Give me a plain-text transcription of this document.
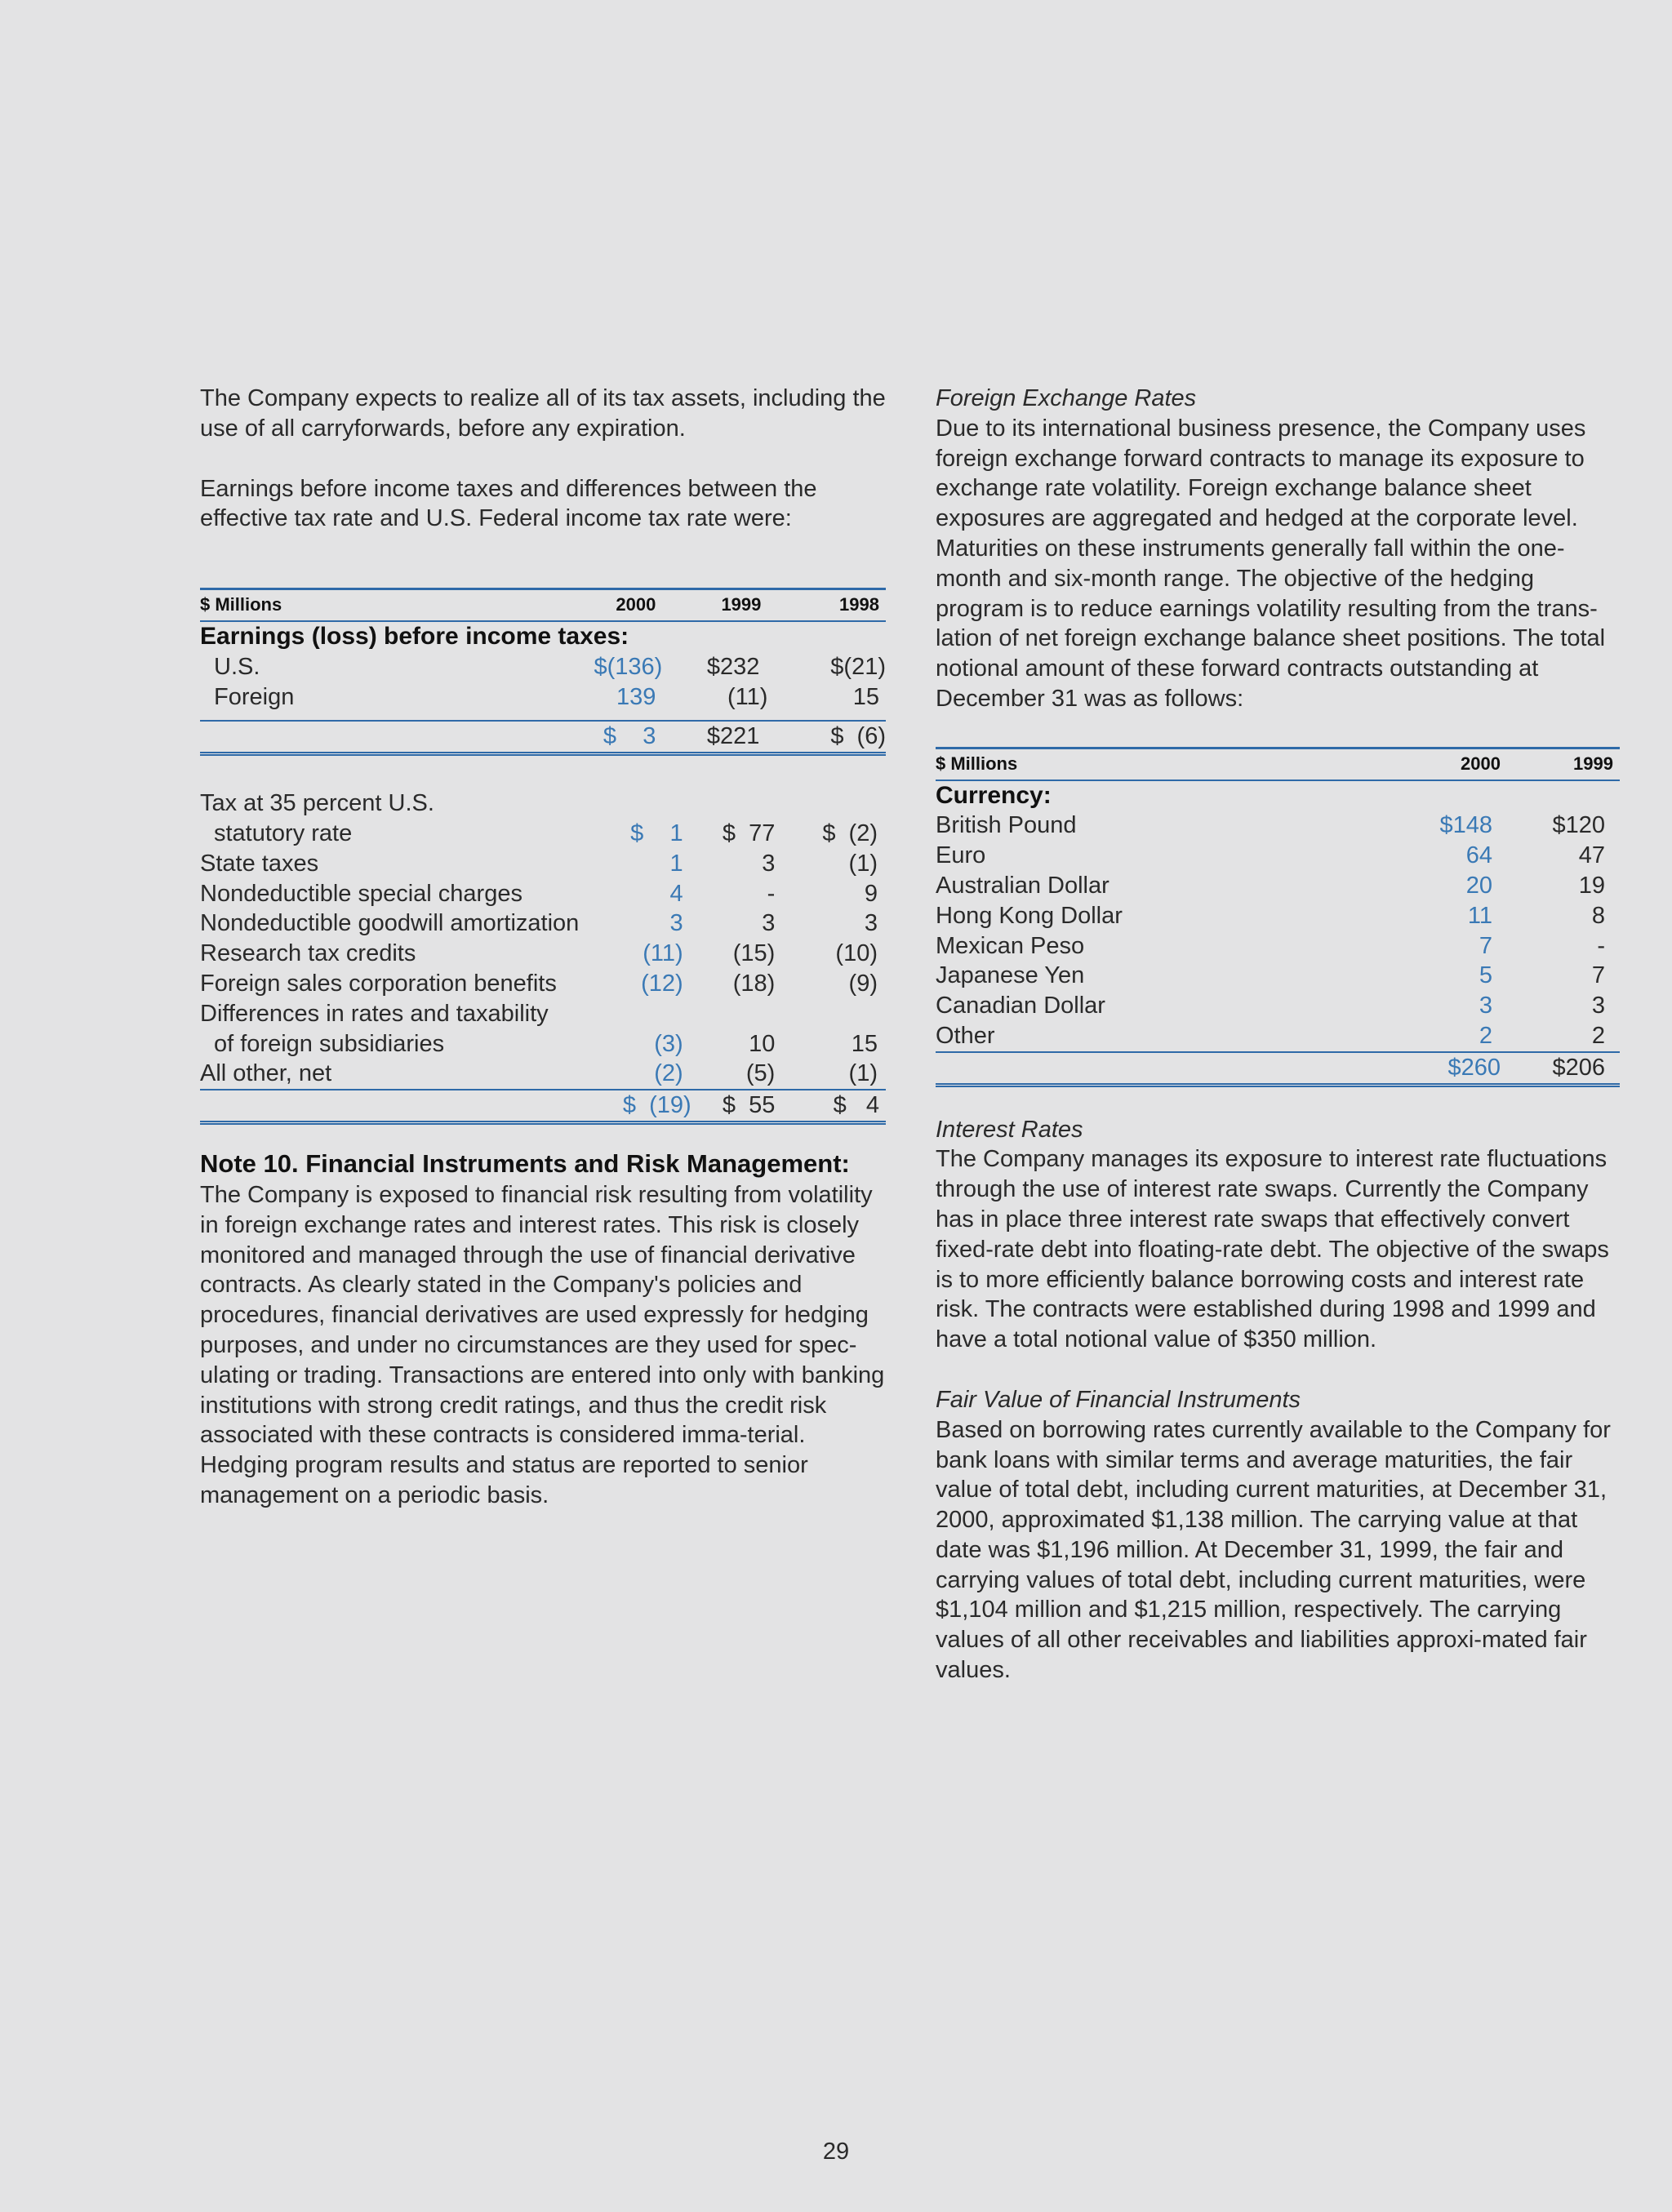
The Company expects to realize all of its tax assets, including the use of all carryforwards, before any expiration.

Earnings before income taxes and differences between the effective tax rate and U.S. Federal income tax rate were:

$ Millions	2000	1999	1998
Earnings (loss) before income taxes:			
U.S.	$(136)	$232	$(21)
Foreign	139	(11)	15

	$    3	$221	$  (6)
Tax at 35 percent U.S.			
statutory rate	$    1	$  77	$  (2)
State taxes	1	3	(1)
Nondeductible special charges	4	-	9
Nondeductible goodwill amortization	3	3	3
Research tax credits	(11)	(15)	(10)
Foreign sales corporation benefits	(12)	(18)	(9)
Differences in rates and taxability			
of foreign subsidiaries	(3)	10	15
All other, net	(2)	(5)	(1)
	$  (19)	$  55	$   4

Note 10. Financial Instruments and Risk Management:

The Company is exposed to financial risk resulting from volatility in foreign exchange rates and interest rates. This risk is closely monitored and managed through the use of financial derivative contracts. As clearly stated in the Company's policies and procedures, financial derivatives are used expressly for hedging purposes, and under no circumstances are they used for spec-ulating or trading. Transactions are entered into only with banking institutions with strong credit ratings, and thus the credit risk associated with these contracts is considered imma-terial. Hedging program results and status are reported to senior management on a periodic basis.

Foreign Exchange Rates

Due to its international business presence, the Company uses foreign exchange forward contracts to manage its exposure to exchange rate volatility. Foreign exchange balance sheet exposures are aggregated and hedged at the corporate level. Maturities on these instruments generally fall within the one-month and six-month range. The objective of the hedging program is to reduce earnings volatility resulting from the trans-lation of net foreign exchange balance sheet positions. The total notional amount of these forward contracts outstanding at December 31 was as follows:

$ Millions	2000	1999
Currency:		
British Pound	$148	$120
Euro	64	47
Australian Dollar	20	19
Hong Kong Dollar	11	8
Mexican Peso	7	-
Japanese Yen	5	7
Canadian Dollar	3	3
Other	2	2
	$260	$206

Interest Rates

The Company manages its exposure to interest rate fluctuations through the use of interest rate swaps. Currently the Company has in place three interest rate swaps that effectively convert fixed-rate debt into floating-rate debt. The objective of the swaps is to more efficiently balance borrowing costs and interest rate risk. The contracts were established during 1998 and 1999 and have a total notional value of $350 million.

Fair Value of Financial Instruments

Based on borrowing rates currently available to the Company for bank loans with similar terms and average maturities, the fair value of total debt, including current maturities, at December 31, 2000, approximated $1,138 million. The carrying value at that date was $1,196 million. At December 31, 1999, the fair and carrying values of total debt, including current maturities, were $1,104 million and $1,215 million, respectively. The carrying values of all other receivables and liabilities approxi-mated fair values.

29
